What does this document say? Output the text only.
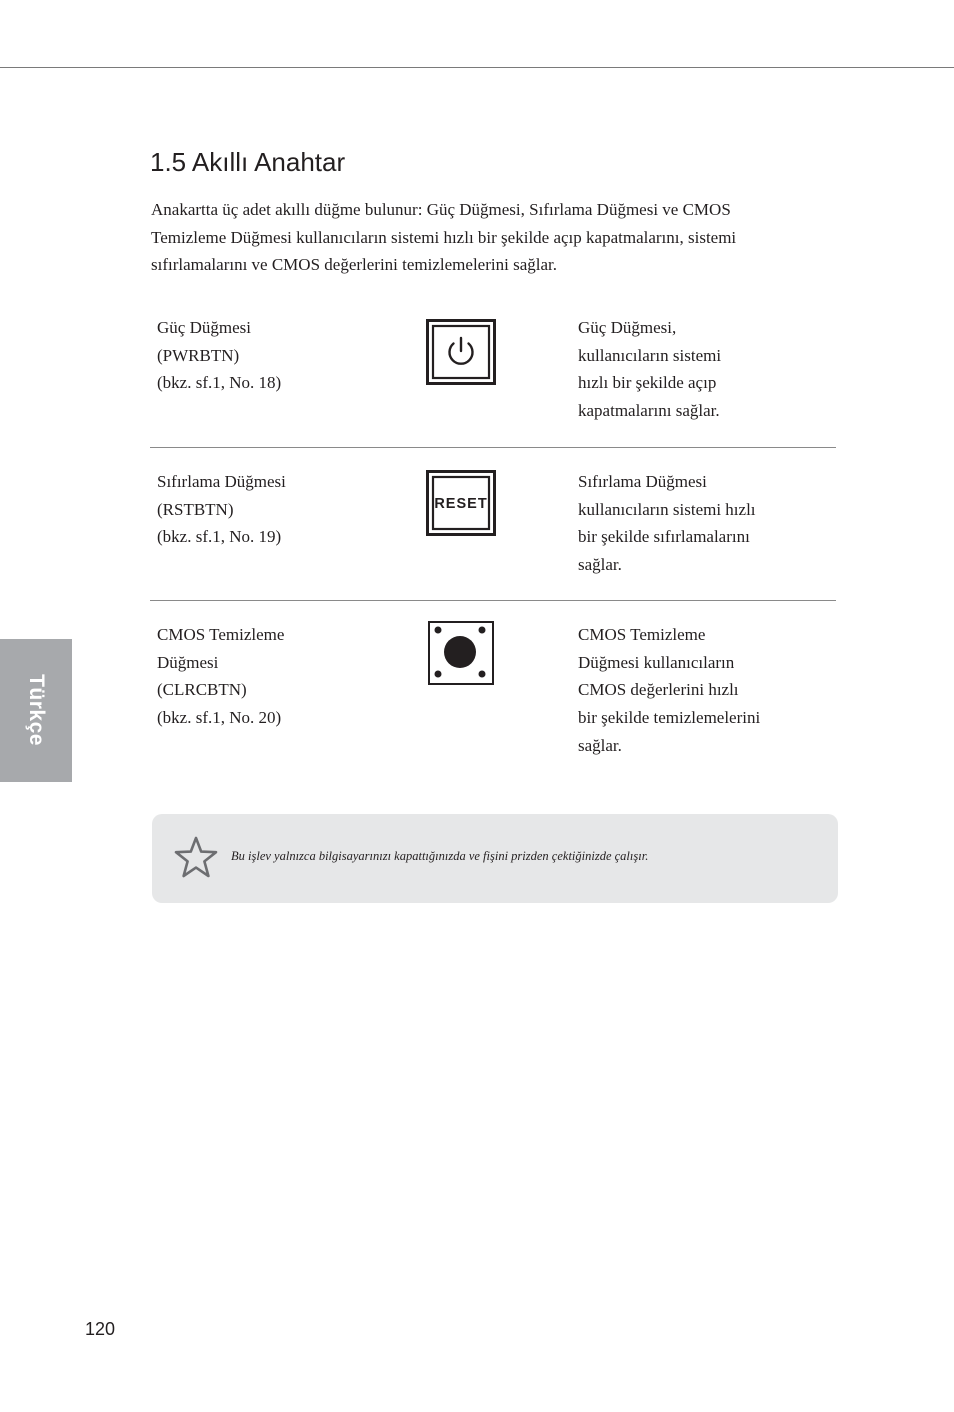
Türkçe
1.5 Akıllı Anahtar

Anakartta üç adet akıllı düğme bulunur: Güç Düğmesi, Sıfırlama Düğmesi ve CMOS
Temizleme Düğmesi kullanıcıların sistemi hızlı bir şekilde açıp kapatmalarını, sistemi
sıfırlamalarını ve CMOS değerlerini temizlemelerini sağlar.

Güç Düğmesi
(PWRBTN)
(bkz. sf.1, No. 18)
Güç Düğmesi,
kullanıcıların sistemi
hızlı bir şekilde açıp
kapatmalarını sağlar.
Sıfırlama Düğmesi
(RSTBTN)
(bkz. sf.1, No. 19)
RESET
Sıfırlama Düğmesi
kullanıcıların sistemi hızlı
bir şekilde sıfırlamalarını
sağlar.
CMOS Temizleme
Düğmesi
(CLRCBTN)
(bkz. sf.1, No. 20)
CMOS Temizleme
Düğmesi kullanıcıların
CMOS değerlerini hızlı
bir şekilde temizlemelerini
sağlar.
Bu işlev yalnızca bilgisayarınızı kapattığınızda ve fişini prizden çektiğinizde çalışır.
120
